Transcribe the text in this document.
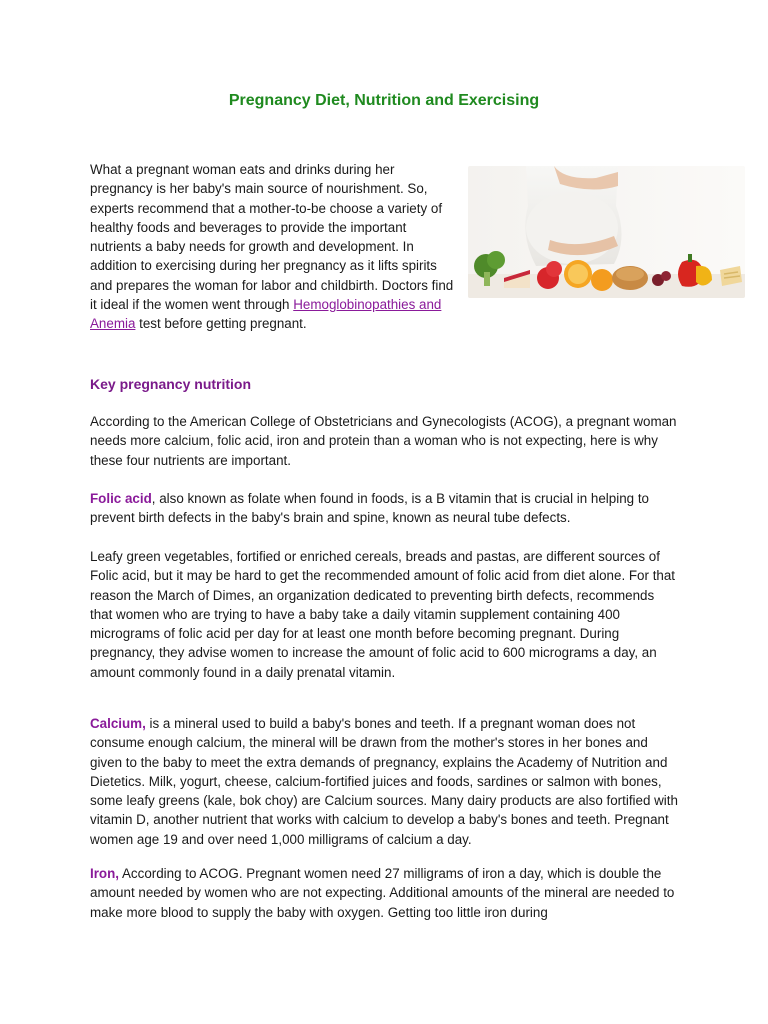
Pregnancy Diet, Nutrition and Exercising

What a pregnant woman eats and drinks during her pregnancy is her baby's main source of nourishment. So, experts recommend that a mother-to-be choose a variety of healthy foods and beverages to provide the important nutrients a baby needs for growth and development. In addition to exercising during her pregnancy as it lifts spirits and prepares the woman for labor and childbirth. Doctors find it ideal if the women went through Hemoglobinopathies and Anemia test before getting pregnant.

Key pregnancy nutrition

According to the American College of Obstetricians and Gynecologists (ACOG), a pregnant woman needs more calcium, folic acid, iron and protein than a woman who is not expecting, here is why these four nutrients are important.

Folic acid, also known as folate when found in foods, is a B vitamin that is crucial in helping to prevent birth defects in the baby's brain and spine, known as neural tube defects.

Leafy green vegetables, fortified or enriched cereals, breads and pastas, are different sources of Folic acid, but it may be hard to get the recommended amount of folic acid from diet alone. For that reason the March of Dimes, an organization dedicated to preventing birth defects, recommends that women who are trying to have a baby take a daily vitamin supplement containing 400 micrograms of folic acid per day for at least one month before becoming pregnant. During pregnancy, they advise women to increase the amount of folic acid to 600 micrograms a day, an amount commonly found in a daily prenatal vitamin.

Calcium, is a mineral used to build a baby's bones and teeth. If a pregnant woman does not consume enough calcium, the mineral will be drawn from the mother's stores in her bones and given to the baby to meet the extra demands of pregnancy, explains the Academy of Nutrition and Dietetics. Milk, yogurt, cheese, calcium-fortified juices and foods, sardines or salmon with bones, some leafy greens (kale, bok choy) are Calcium sources. Many dairy products are also fortified with vitamin D, another nutrient that works with calcium to develop a baby's bones and teeth. Pregnant women age 19 and over need 1,000 milligrams of calcium a day.

Iron, According to ACOG. Pregnant women need 27 milligrams of iron a day, which is double the amount needed by women who are not expecting. Additional amounts of the mineral are needed to make more blood to supply the baby with oxygen. Getting too little iron during
